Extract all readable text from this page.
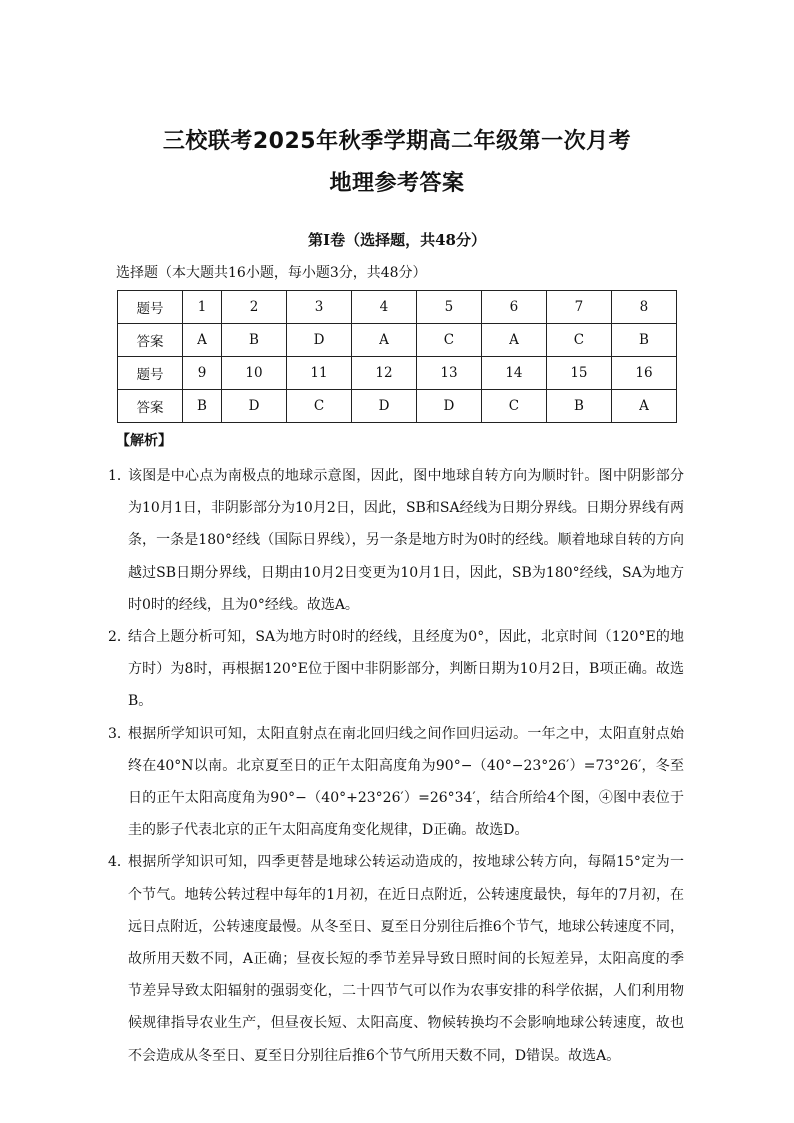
三校联考2025年秋季学期高二年级第一次月考
地理参考答案
第Ⅰ卷（选择题，共48分）
选择题（本大题共16小题，每小题3分，共48分）
题号	1	2	3	4	5	6	7	8
答案	A	B	D	A	C	A	C	B
题号	9	10	11	12	13	14	15	16
答案	B	D	C	D	D	C	B	A
【解析】
1．
该图是中心点为南极点的地球示意图，因此，图中地球自转方向为顺时针。图中阴影部分为10月1日，非阴影部分为10月2日，因此，SB和SA经线为日期分界线。日期分界线有两条，一条是180°经线（国际日界线），另一条是地方时为0时的经线。顺着地球自转的方向越过SB日期分界线，日期由10月2日变更为10月1日，因此，SB为180°经线，SA为地方时0时的经线，且为0°经线。故选A。
2．
结合上题分析可知，SA为地方时0时的经线，且经度为0°，因此，北京时间（120°E的地方时）为8时，再根据120°E位于图中非阴影部分，判断日期为10月2日，B项正确。故选B。
3．
根据所学知识可知，太阳直射点在南北回归线之间作回归运动。一年之中，太阳直射点始终在40°N以南。北京夏至日的正午太阳高度角为90°−（40°−23°26′）=73°26′，冬至日的正午太阳高度角为90°−（40°+23°26′）=26°34′，结合所给4个图，④图中表位于圭的影子代表北京的正午太阳高度角变化规律，D正确。故选D。
4．
根据所学知识可知，四季更替是地球公转运动造成的，按地球公转方向，每隔15°定为一个节气。地转公转过程中每年的1月初，在近日点附近，公转速度最快，每年的7月初，在远日点附近，公转速度最慢。从冬至日、夏至日分别往后推6个节气，地球公转速度不同，故所用天数不同，A正确；昼夜长短的季节差异导致日照时间的长短差异，太阳高度的季节差异导致太阳辐射的强弱变化，二十四节气可以作为农事安排的科学依据，人们利用物候规律指导农业生产，但昼夜长短、太阳高度、物候转换均不会影响地球公转速度，故也不会造成从冬至日、夏至日分别往后推6个节气所用天数不同，D错误。故选A。
